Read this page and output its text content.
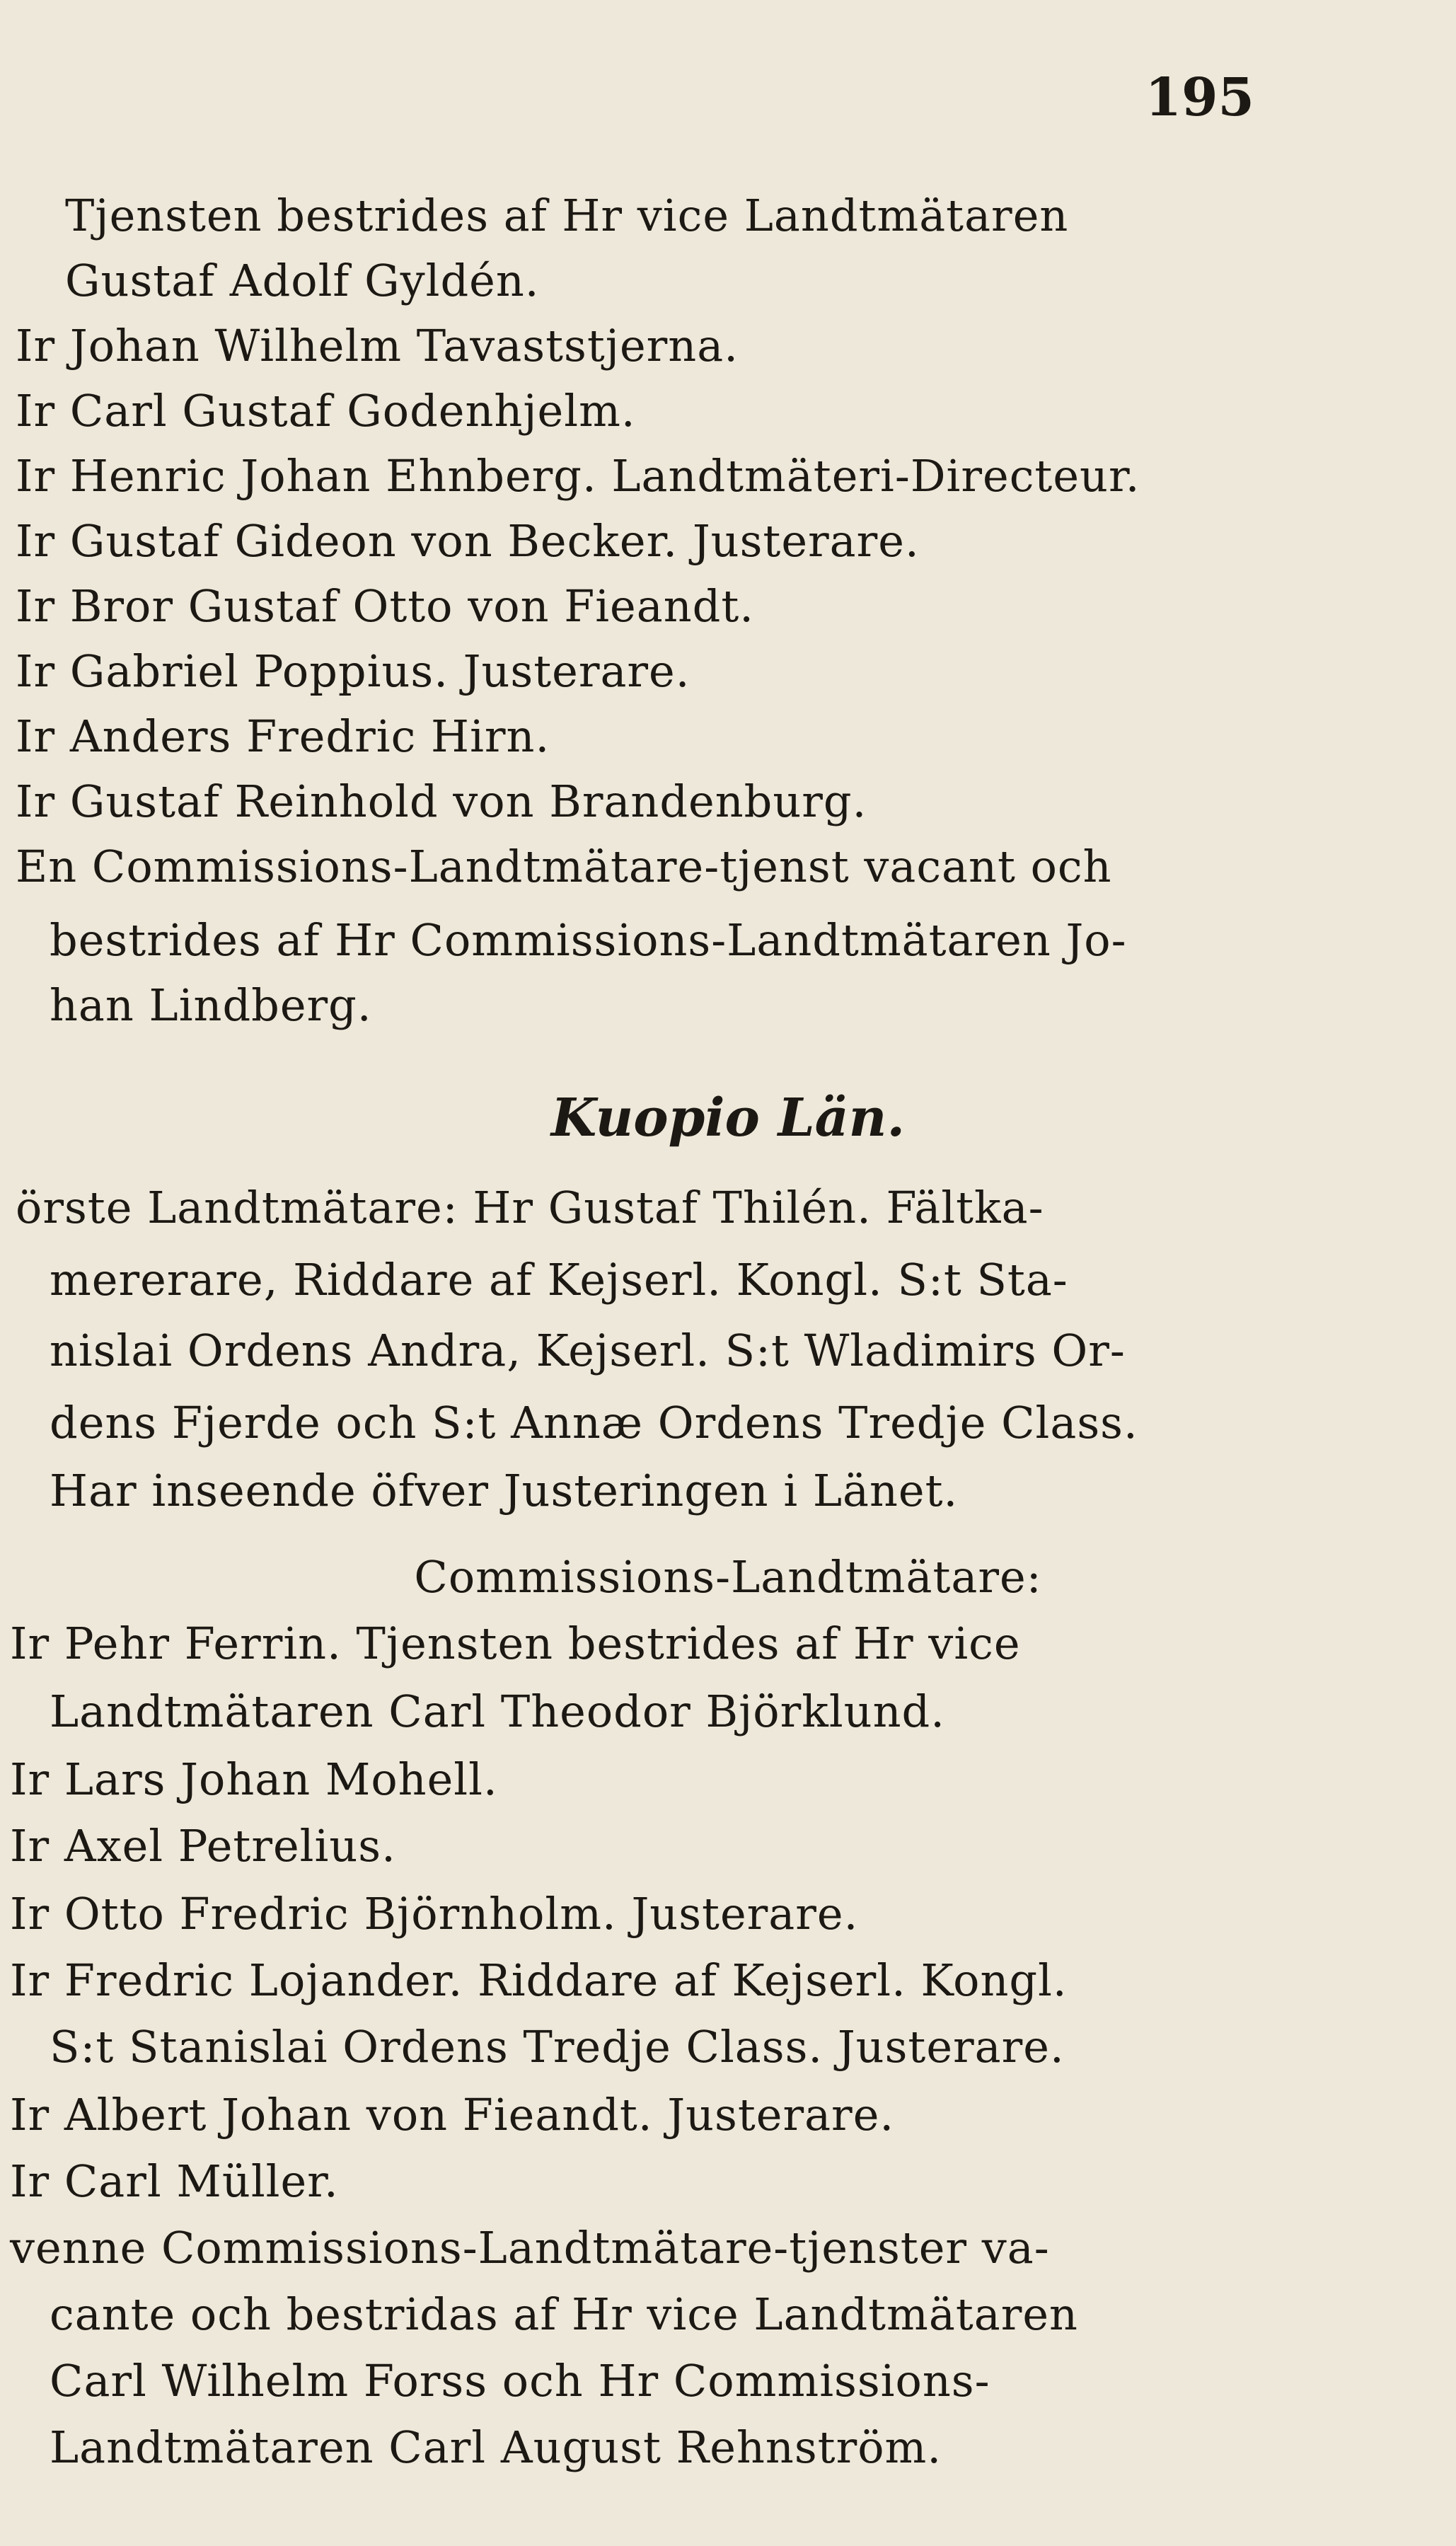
195
Tjensten bestrides af Hr vice Landtmätaren
Gustaf Adolf Gyldén.
Ir Johan Wilhelm Tavaststjerna.
Ir Carl Gustaf Godenhjelm.
Ir Henric Johan Ehnberg. Landtmäteri-Directeur.
Ir Gustaf Gideon von Becker. Justerare.
Ir Bror Gustaf Otto von Fieandt.
Ir Gabriel Poppius. Justerare.
Ir Anders Fredric Hirn.
Ir Gustaf Reinhold von Brandenburg.
En Commissions-Landtmätare-tjenst vacant och
bestrides af Hr Commissions-Landtmätaren Jo-
han Lindberg.
Kuopio Län.
örste Landtmätare: Hr Gustaf Thilén. Fältka-
mererare, Riddare af Kejserl. Kongl. S:t Sta-
nislai Ordens Andra, Kejserl. S:t Wladimirs Or-
dens Fjerde och S:t Annæ Ordens Tredje Class.
Har inseende öfver Justeringen i Länet.
Commissions-Landtmätare:
Ir Pehr Ferrin. Tjensten bestrides af Hr vice
Landtmätaren Carl Theodor Björklund.
Ir Lars Johan Mohell.
Ir Axel Petrelius.
Ir Otto Fredric Björnholm. Justerare.
Ir Fredric Lojander. Riddare af Kejserl. Kongl.
S:t Stanislai Ordens Tredje Class. Justerare.
Ir Albert Johan von Fieandt. Justerare.
Ir Carl Müller.
venne Commissions-Landtmätare-tjenster va-
cante och bestridas af Hr vice Landtmätaren
Carl Wilhelm Forss och Hr Commissions-
Landtmätaren Carl August Rehnström.
